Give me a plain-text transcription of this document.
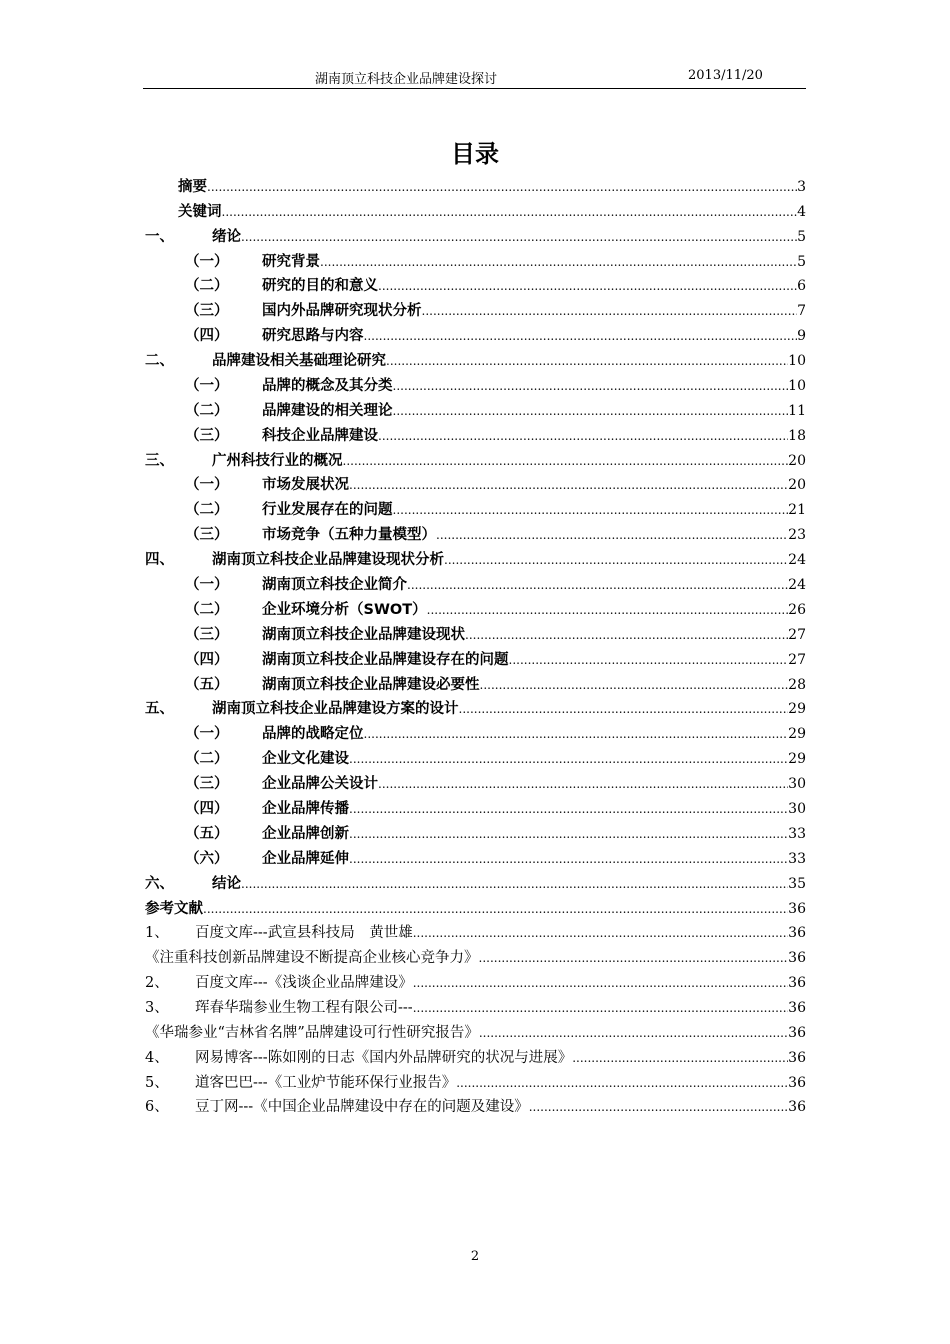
湖南顶立科技企业品牌建设探讨	2013/11/20
目录
摘要 .....	3
关键词 .....	4
一、	绪论 .....	5
（一）	研究背景 .....	5
（二）	研究的目的和意义 .....	6
（三）	国内外品牌研究现状分析 .....	7
（四）	研究思路与内容 .....	9
二、	品牌建设相关基础理论研究 .....	10
（一）	品牌的概念及其分类 .....	10
（二）	品牌建设的相关理论 .....	11
（三）	科技企业品牌建设 .....	18
三、	广州科技行业的概况 .....	20
（一）	市场发展状况 .....	20
（二）	行业发展存在的问题 .....	21
（三）	市场竞争（五种力量模型） .....	23
四、	湖南顶立科技企业品牌建设现状分析 .....	24
（一）	湖南顶立科技企业简介 .....	24
（二）	企业环境分析（SWOT） .....	26
（三）	湖南顶立科技企业品牌建设现状 .....	27
（四）	湖南顶立科技企业品牌建设存在的问题 .....	27
（五）	湖南顶立科技企业品牌建设必要性 .....	28
五、	湖南顶立科技企业品牌建设方案的设计 .....	29
（一）	品牌的战略定位 .....	29
（二）	企业文化建设 .....	29
（三）	企业品牌公关设计 .....	30
（四）	企业品牌传播 .....	30
（五）	企业品牌创新 .....	33
（六）	企业品牌延伸 .....	33
六、	结论 .....	35
参考文献 .....	36
1、	百度文库---武宣县科技局　黄世雄 .....	36
《注重科技创新品牌建设不断提高企业核心竞争力》 .....	36
2、	百度文库---《浅谈企业品牌建设》 .....	36
3、	珲春华瑞参业生物工程有限公司--- .....	36
《华瑞参业“吉林省名牌”品牌建设可行性研究报告》 .....	36
4、	网易博客---陈如刚的日志《国内外品牌研究的状况与进展》 .....	36
5、	道客巴巴---《工业炉节能环保行业报告》 .....	36
6、	豆丁网---《中国企业品牌建设中存在的问题及建设》 .....	36
2
